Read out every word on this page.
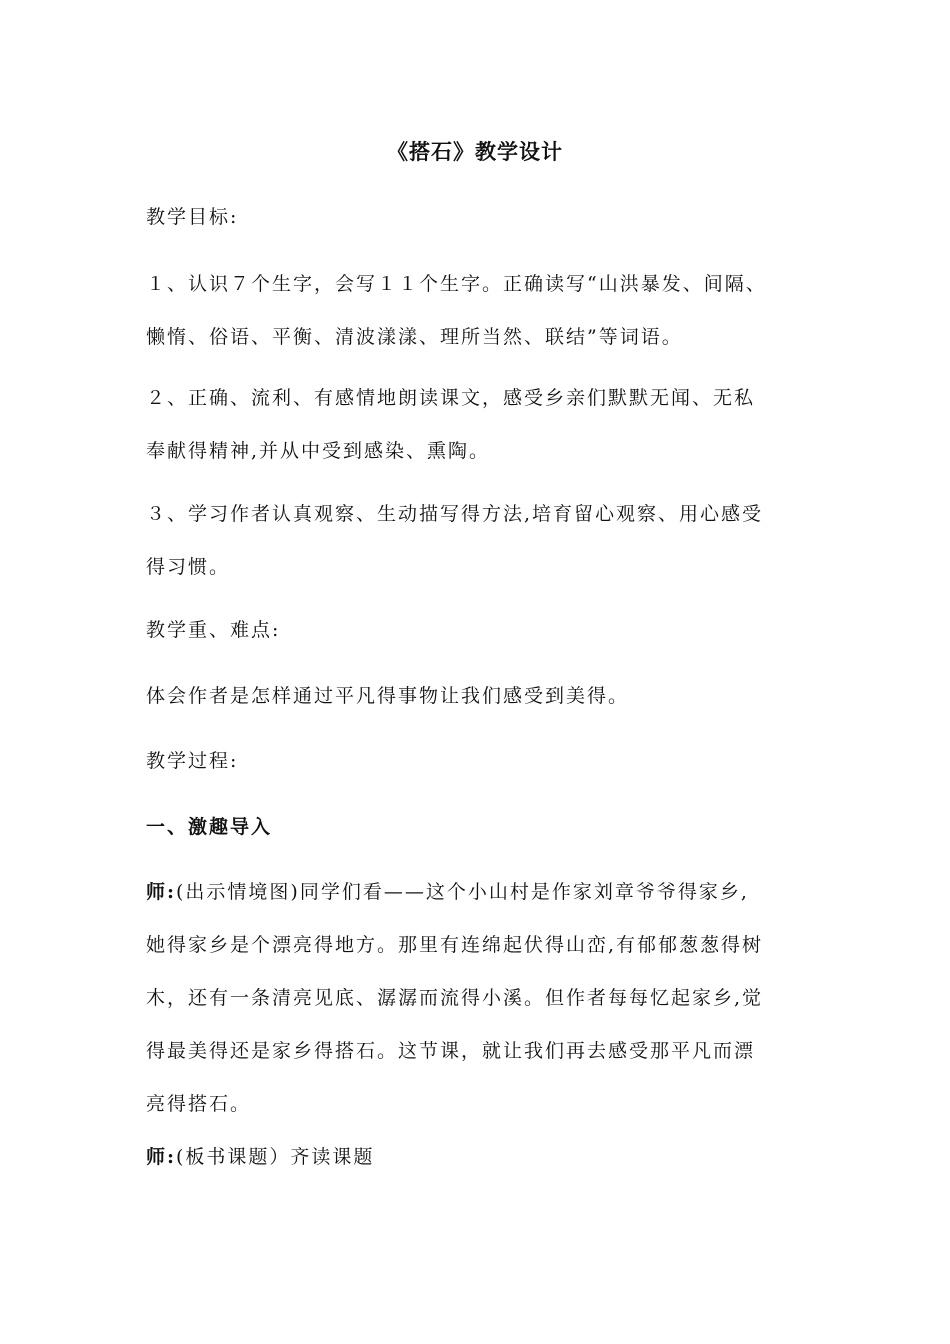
《搭石》教学设计

教学目标:

１、认识７个生字，会写１１个生字。正确读写“山洪暴发、间隔、
懒惰、俗语、平衡、清波漾漾、理所当然、联结”等词语。

２、正确、流利、有感情地朗读课文，感受乡亲们默默无闻、无私
奉献得精神,并从中受到感染、熏陶。

３、学习作者认真观察、生动描写得方法,培育留心观察、用心感受
得习惯。

教学重、难点:

体会作者是怎样通过平凡得事物让我们感受到美得。

教学过程:

一、激趣导入

师:(出示情境图)同学们看——这个小山村是作家刘章爷爷得家乡,
她得家乡是个漂亮得地方。那里有连绵起伏得山峦,有郁郁葱葱得树
木，还有一条清亮见底、潺潺而流得小溪。但作者每每忆起家乡,觉
得最美得还是家乡得搭石。这节课，就让我们再去感受那平凡而漂
亮得搭石。

师:(板书课题）齐读课题
